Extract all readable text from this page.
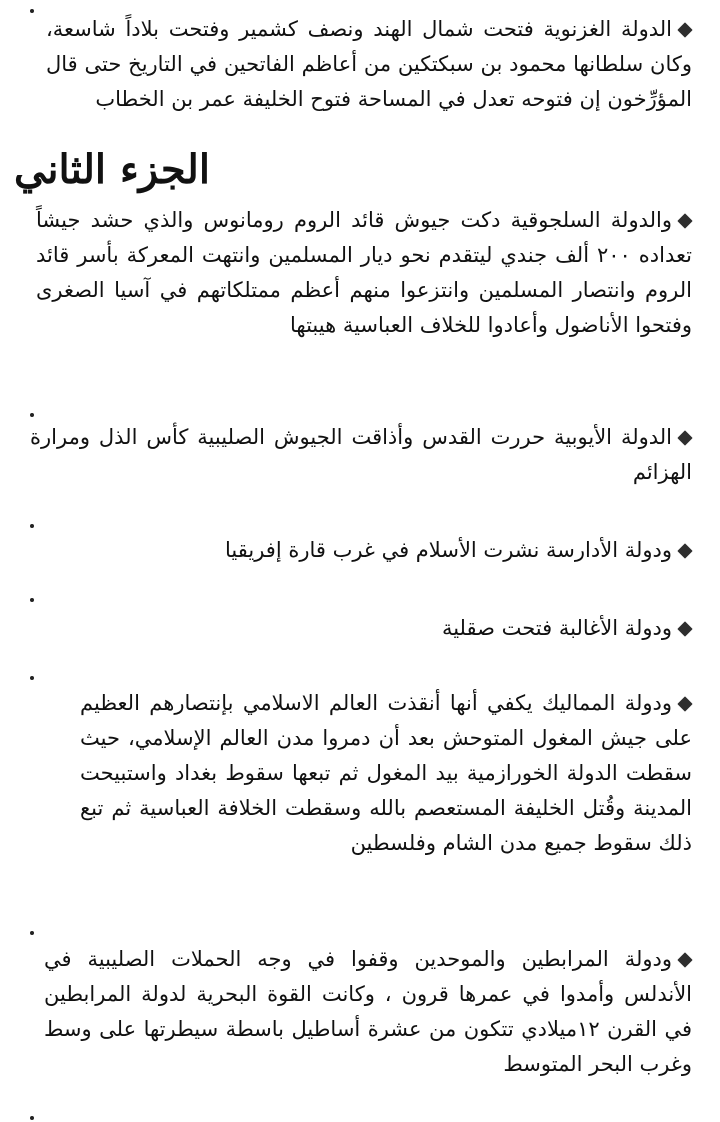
الدولة الغزنوية فتحت شمال الهند ونصف كشمير وفتحت بلاداً شاسعة، وكان سلطانها محمود بن سبكتكين من أعاظم الفاتحين في التاريخ حتى قال المؤرِّخون إن فتوحه تعدل في المساحة فتوح الخليفة عمر بن الخطاب

الجزء الثاني

والدولة السلجوقية دكت جيوش قائد الروم رومانوس والذي حشد جيشاً تعداده ٢٠٠ ألف جندي ليتقدم نحو ديار المسلمين وانتهت المعركة بأسر قائد الروم وانتصار المسلمين وانتزعوا منهم أعظم ممتلكاتهم في آسيا الصغرى وفتحوا الأناضول وأعادوا للخلاف العباسية هيبتها

الدولة الأيوبية حررت القدس وأذاقت الجيوش الصليبية كأس الذل ومرارة الهزائم

ودولة الأدارسة نشرت الأسلام في غرب قارة إفريقيا

ودولة الأغالبة فتحت صقلية

ودولة المماليك يكفي أنها أنقذت العالم الاسلامي بإنتصارهم العظيم على جيش المغول المتوحش بعد أن دمروا مدن العالم الإسلامي، حيث سقطت الدولة الخورازمية بيد المغول ثم تبعها سقوط بغداد واستبيحت المدينة وقُتل الخليفة المستعصم بالله وسقطت الخلافة العباسية ثم تبع ذلك سقوط جميع مدن الشام وفلسطين

ودولة المرابطين والموحدين وقفوا في وجه الحملات الصليبية في الأندلس وأمدوا في عمرها قرون ، وكانت القوة البحرية لدولة المرابطين في القرن ١٢ميلادي تتكون من عشرة أساطيل باسطة سيطرتها على وسط وغرب البحر المتوسط
